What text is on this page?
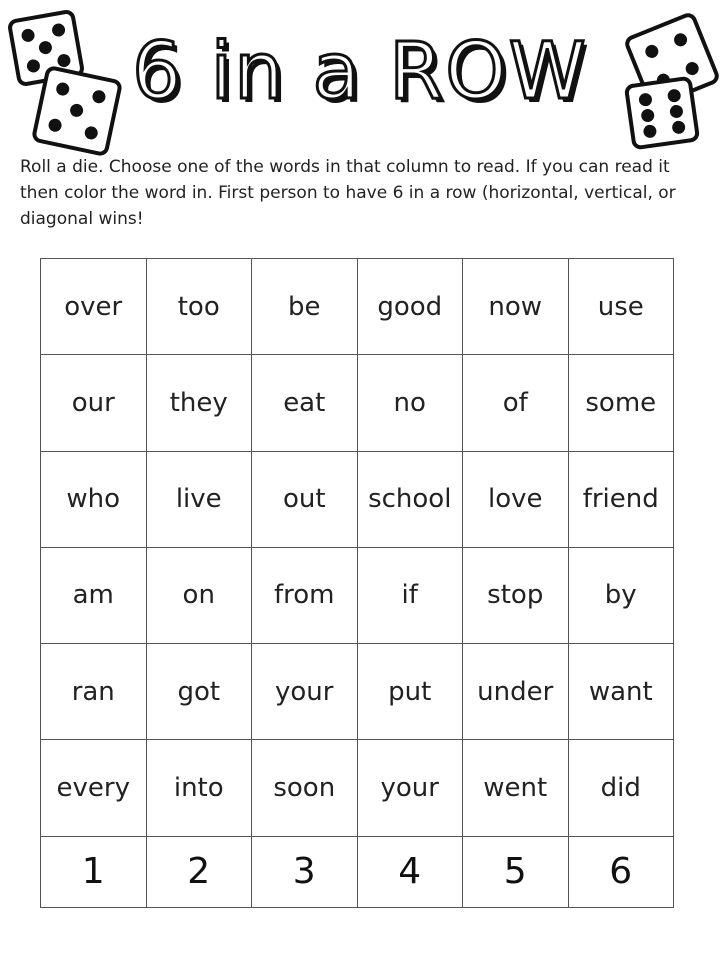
6 in a ROW
Roll a die. Choose one of the words in that column to read. If you can read it then color the word in. First person to have 6 in a row (horizontal, vertical, or diagonal wins!
over	too	be	good	now	use
our	they	eat	no	of	some
who	live	out	school	love	friend
am	on	from	if	stop	by
ran	got	your	put	under	want
every	into	soon	your	went	did
1	2	3	4	5	6
